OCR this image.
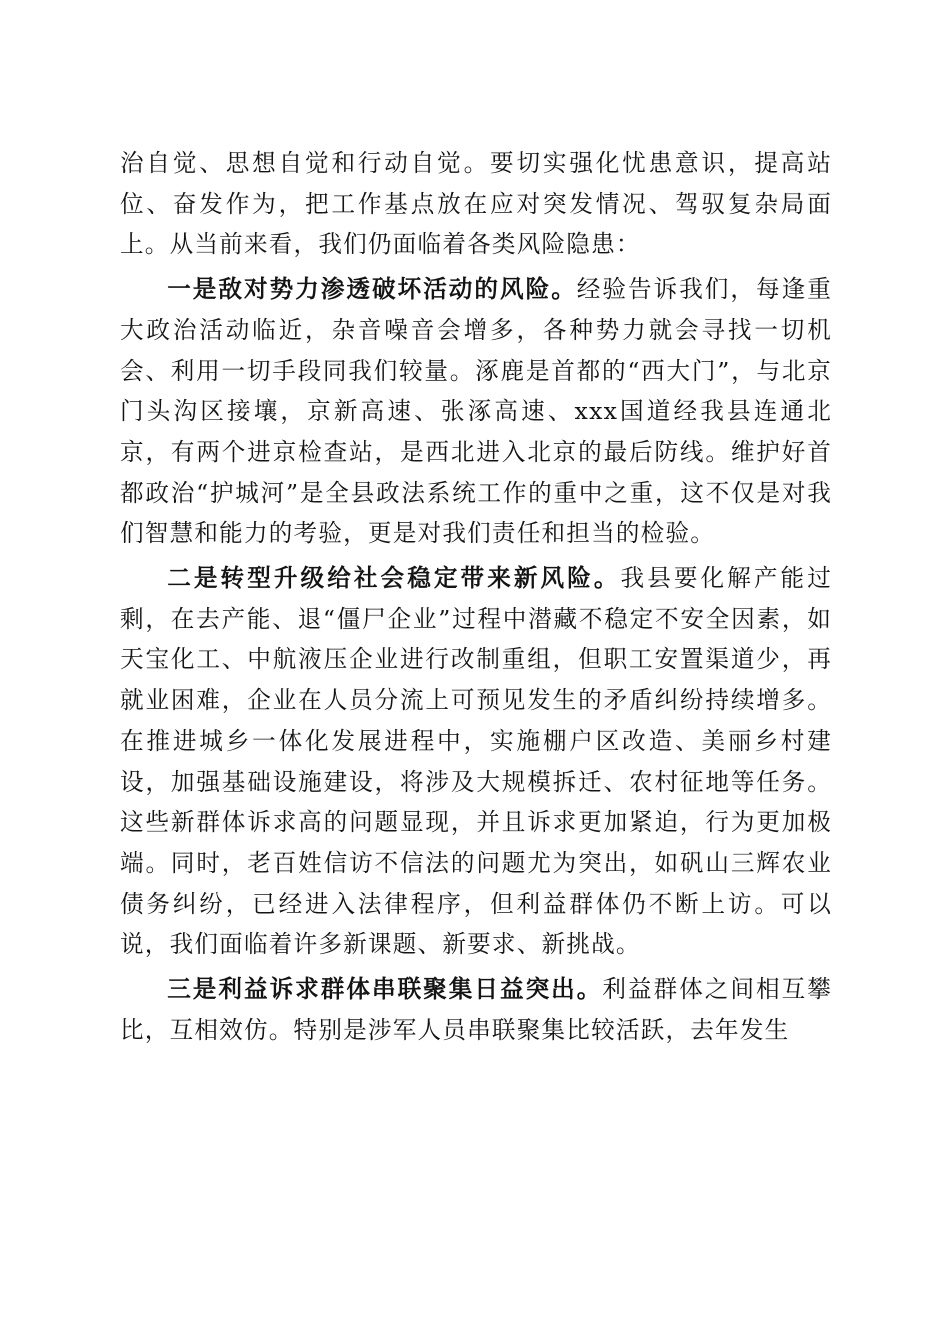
治自觉、思想自觉和行动自觉。要切实强化忧患意识，提高站位、奋发作为，把工作基点放在应对突发情况、驾驭复杂局面上。从当前来看，我们仍面临着各类风险隐患：

一是敌对势力渗透破坏活动的风险。经验告诉我们，每逢重大政治活动临近，杂音噪音会增多，各种势力就会寻找一切机会、利用一切手段同我们较量。涿鹿是首都的“西大门”，与北京门头沟区接壤，京新高速、张涿高速、xxx国道经我县连通北京，有两个进京检查站，是西北进入北京的最后防线。维护好首都政治“护城河”是全县政法系统工作的重中之重，这不仅是对我们智慧和能力的考验，更是对我们责任和担当的检验。

二是转型升级给社会稳定带来新风险。我县要化解产能过剩，在去产能、退“僵尸企业”过程中潜藏不稳定不安全因素，如天宝化工、中航液压企业进行改制重组，但职工安置渠道少，再就业困难，企业在人员分流上可预见发生的矛盾纠纷持续增多。在推进城乡一体化发展进程中，实施棚户区改造、美丽乡村建设，加强基础设施建设，将涉及大规模拆迁、农村征地等任务。这些新群体诉求高的问题显现，并且诉求更加紧迫，行为更加极端。同时，老百姓信访不信法的问题尤为突出，如矾山三辉农业债务纠纷，已经进入法律程序，但利益群体仍不断上访。可以说，我们面临着许多新课题、新要求、新挑战。

三是利益诉求群体串联聚集日益突出。利益群体之间相互攀比，互相效仿。特别是涉军人员串联聚集比较活跃，去年发生
